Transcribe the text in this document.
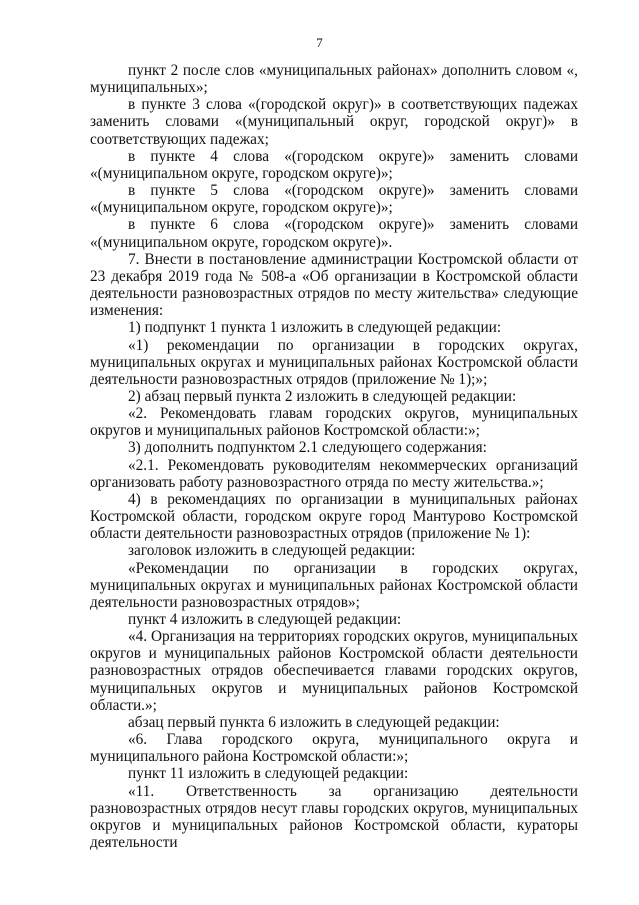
7

пункт 2 после слов «муниципальных районах» дополнить словом «, муниципальных»;

в пункте 3 слова «(городской округ)» в соответствующих падежах заменить словами «(муниципальный округ, городской округ)» в соответствующих падежах;

в пункте 4 слова «(городском округе)» заменить словами «(муниципальном округе, городском округе)»;

в пункте 5 слова «(городском округе)» заменить словами «(муниципальном округе, городском округе)»;

в пункте 6 слова «(городском округе)» заменить словами «(муниципальном округе, городском округе)».

7. Внести в постановление администрации Костромской области от 23 декабря 2019 года № 508-а «Об организации в Костромской области деятельности разновозрастных отрядов по месту жительства» следующие изменения:

1) подпункт 1 пункта 1 изложить в следующей редакции:

«1) рекомендации по организации в городских округах, муниципальных округах и муниципальных районах Костромской области деятельности разновозрастных отрядов (приложение № 1);»;

2) абзац первый пункта 2 изложить в следующей редакции:

«2. Рекомендовать главам городских округов, муниципальных округов и муниципальных районов Костромской области:»;

3) дополнить подпунктом 2.1 следующего содержания:

«2.1. Рекомендовать руководителям некоммерческих организаций организовать работу разновозрастного отряда по месту жительства.»;

4) в рекомендациях по организации в муниципальных районах Костромской области, городском округе город Мантурово Костромской области деятельности разновозрастных отрядов (приложение № 1):

заголовок изложить в следующей редакции:

«Рекомендации по организации в городских округах, муниципальных округах и муниципальных районах Костромской области деятельности разновозрастных отрядов»;

пункт 4 изложить в следующей редакции:

«4. Организация на территориях городских округов, муниципальных округов и муниципальных районов Костромской области деятельности разновозрастных отрядов обеспечивается главами городских округов, муниципальных округов и муниципальных районов Костромской области.»;

абзац первый пункта 6 изложить в следующей редакции:

«6. Глава городского округа, муниципального округа и муниципального района Костромской области:»;

пункт 11 изложить в следующей редакции:

«11. Ответственность за организацию деятельности разновозрастных отрядов несут главы городских округов, муниципальных округов и муниципальных районов Костромской области, кураторы деятельности
